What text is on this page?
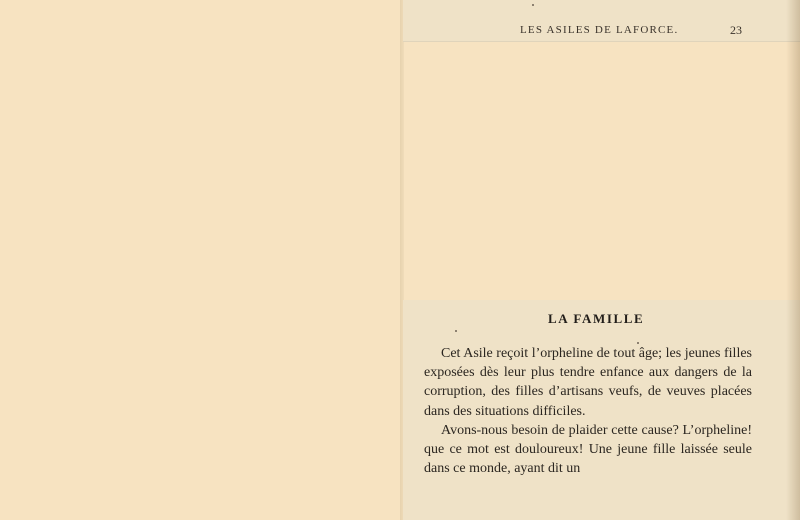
LES ASILES DE LAFORCE.	23
LA FAMILLE

Cet Asile reçoit l’orpheline de tout âge; les jeunes filles exposées dès leur plus tendre enfance aux dangers de la corruption, des filles d’artisans veufs, de veuves placées dans des situations difficiles.

Avons-nous besoin de plaider cette cause? L’orpheline! que ce mot est douloureux! Une jeune fille laissée seule dans ce monde, ayant dit un
